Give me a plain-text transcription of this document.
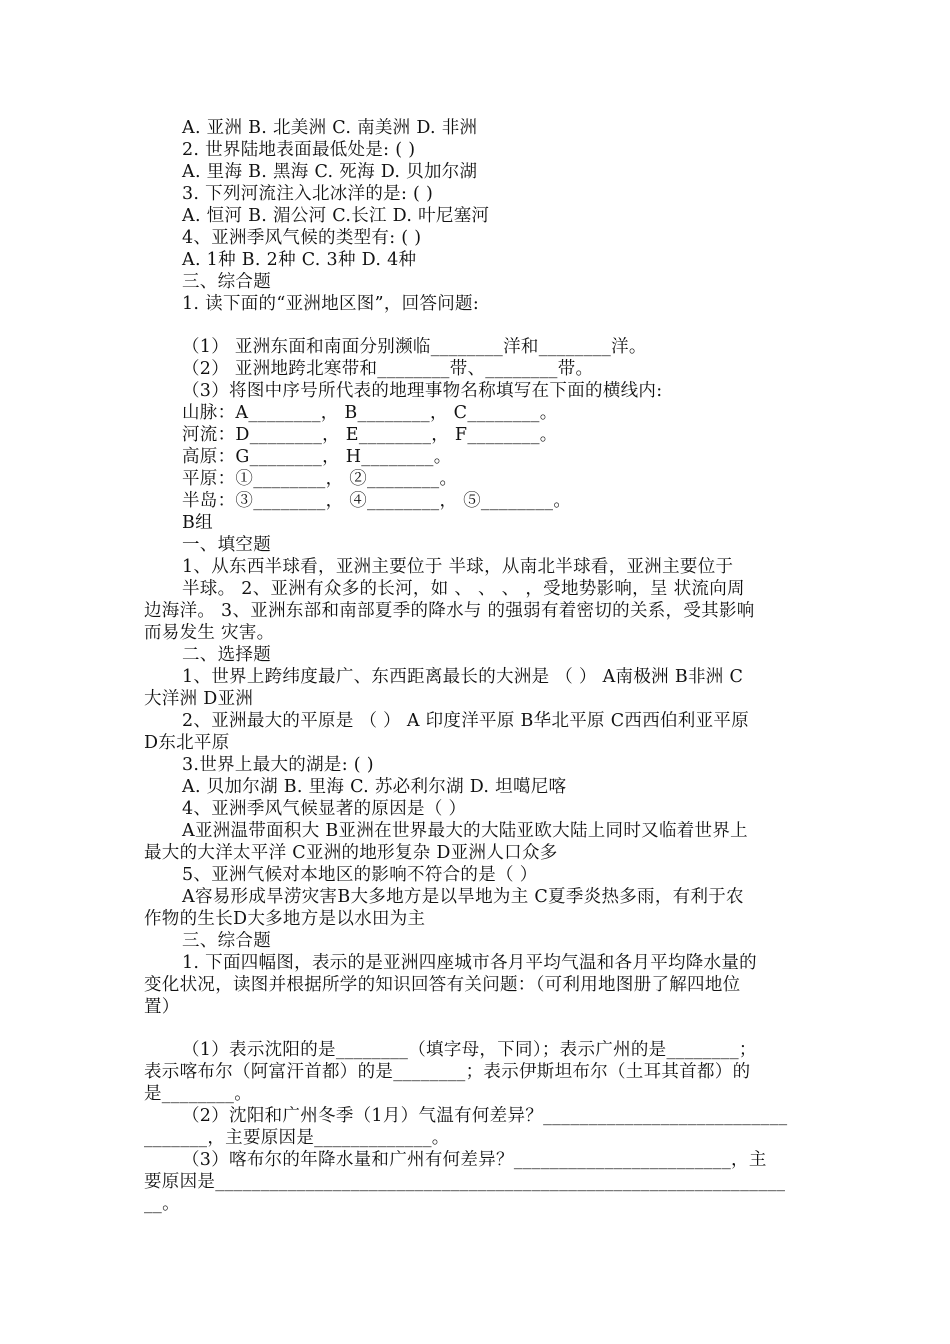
A. 亚洲 B. 北美洲 C. 南美洲 D. 非洲
2. 世界陆地表面最低处是: ( )
A. 里海 B. 黑海 C. 死海 D. 贝加尔湖
3. 下列河流注入北冰洋的是: ( )
A. 恒河 B. 湄公河 C.长江 D. 叶尼塞河
4、亚洲季风气候的类型有: ( )
A. 1种 B. 2种 C. 3种 D. 4种
三、综合题
1. 读下面的“亚洲地区图”，回答问题:
（1） 亚洲东面和南面分别濒临________洋和________洋。
（2） 亚洲地跨北寒带和________带、________带。
（3）将图中序号所代表的地理事物名称填写在下面的横线内:
山脉：A________， B________， C________。
河流：D________， E________， F________。
高原：G________， H________。
平原：①________， ②________。
半岛：③________， ④________， ⑤________。
B组
一、填空题
1、从东西半球看，亚洲主要位于 半球，从南北半球看，亚洲主要位于
半球。 2、亚洲有众多的长河，如 、 、 、 ，受地势影响，呈 状流向周
边海洋。 3、亚洲东部和南部夏季的降水与 的强弱有着密切的关系，受其影响
而易发生 灾害。
二、选择题
1、世界上跨纬度最广、东西距离最长的大洲是 （ ） A南极洲 B非洲 C
大洋洲 D亚洲
2、亚洲最大的平原是 （ ） A 印度洋平原 B华北平原 C西西伯利亚平原
D东北平原
3.世界上最大的湖是: ( )
A. 贝加尔湖 B. 里海 C. 苏必利尔湖 D. 坦噶尼喀
4、亚洲季风气候显著的原因是（ ）
A亚洲温带面积大 B亚洲在世界最大的大陆亚欧大陆上同时又临着世界上
最大的大洋太平洋 C亚洲的地形复杂 D亚洲人口众多
5、亚洲气候对本地区的影响不符合的是（ ）
A容易形成旱涝灾害B大多地方是以旱地为主 C夏季炎热多雨，有利于农
作物的生长D大多地方是以水田为主
三、综合题
1. 下面四幅图，表示的是亚洲四座城市各月平均气温和各月平均降水量的
变化状况，读图并根据所学的知识回答有关问题：（可利用地图册了解四地位
置）
（1）表示沈阳的是________（填字母，下同）；表示广州的是________；
表示喀布尔（阿富汗首都）的是________；表示伊斯坦布尔（土耳其首都）的
是________。
（2）沈阳和广州冬季（1月）气温有何差异？___________________________
_______，主要原因是_____________。
（3）喀布尔的年降水量和广州有何差异？________________________，主
要原因是_______________________________________________________________
__。
